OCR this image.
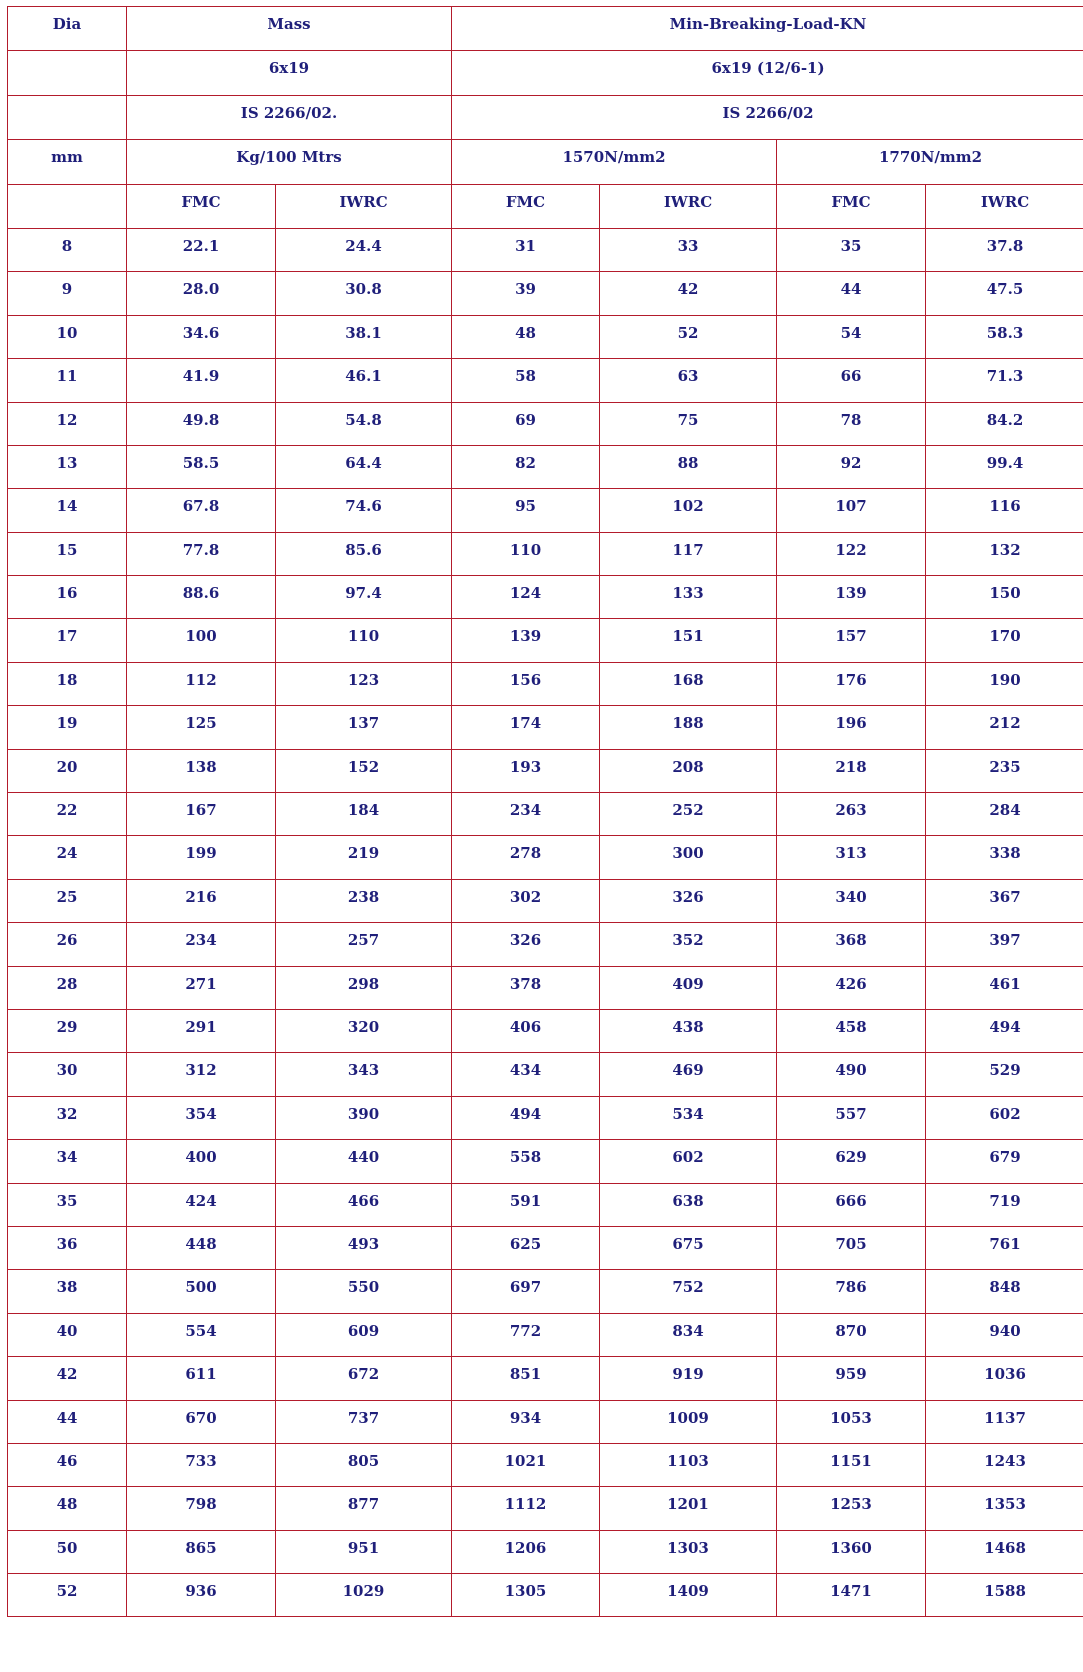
Dia	Mass		Min-Breaking-Load-KN			
	6x19		6x19 (12/6-1)			
	IS 2266/02.		IS 2266/02			
mm	Kg/100 Mtrs		1570N/mm2		1770N/mm2	
	FMC	IWRC	FMC	IWRC	FMC	IWRC
8	22.1	24.4	31	33	35	37.8
9	28.0	30.8	39	42	44	47.5
10	34.6	38.1	48	52	54	58.3
11	41.9	46.1	58	63	66	71.3
12	49.8	54.8	69	75	78	84.2
13	58.5	64.4	82	88	92	99.4
14	67.8	74.6	95	102	107	116
15	77.8	85.6	110	117	122	132
16	88.6	97.4	124	133	139	150
17	100	110	139	151	157	170
18	112	123	156	168	176	190
19	125	137	174	188	196	212
20	138	152	193	208	218	235
22	167	184	234	252	263	284
24	199	219	278	300	313	338
25	216	238	302	326	340	367
26	234	257	326	352	368	397
28	271	298	378	409	426	461
29	291	320	406	438	458	494
30	312	343	434	469	490	529
32	354	390	494	534	557	602
34	400	440	558	602	629	679
35	424	466	591	638	666	719
36	448	493	625	675	705	761
38	500	550	697	752	786	848
40	554	609	772	834	870	940
42	611	672	851	919	959	1036
44	670	737	934	1009	1053	1137
46	733	805	1021	1103	1151	1243
48	798	877	1112	1201	1253	1353
50	865	951	1206	1303	1360	1468
52	936	1029	1305	1409	1471	1588
